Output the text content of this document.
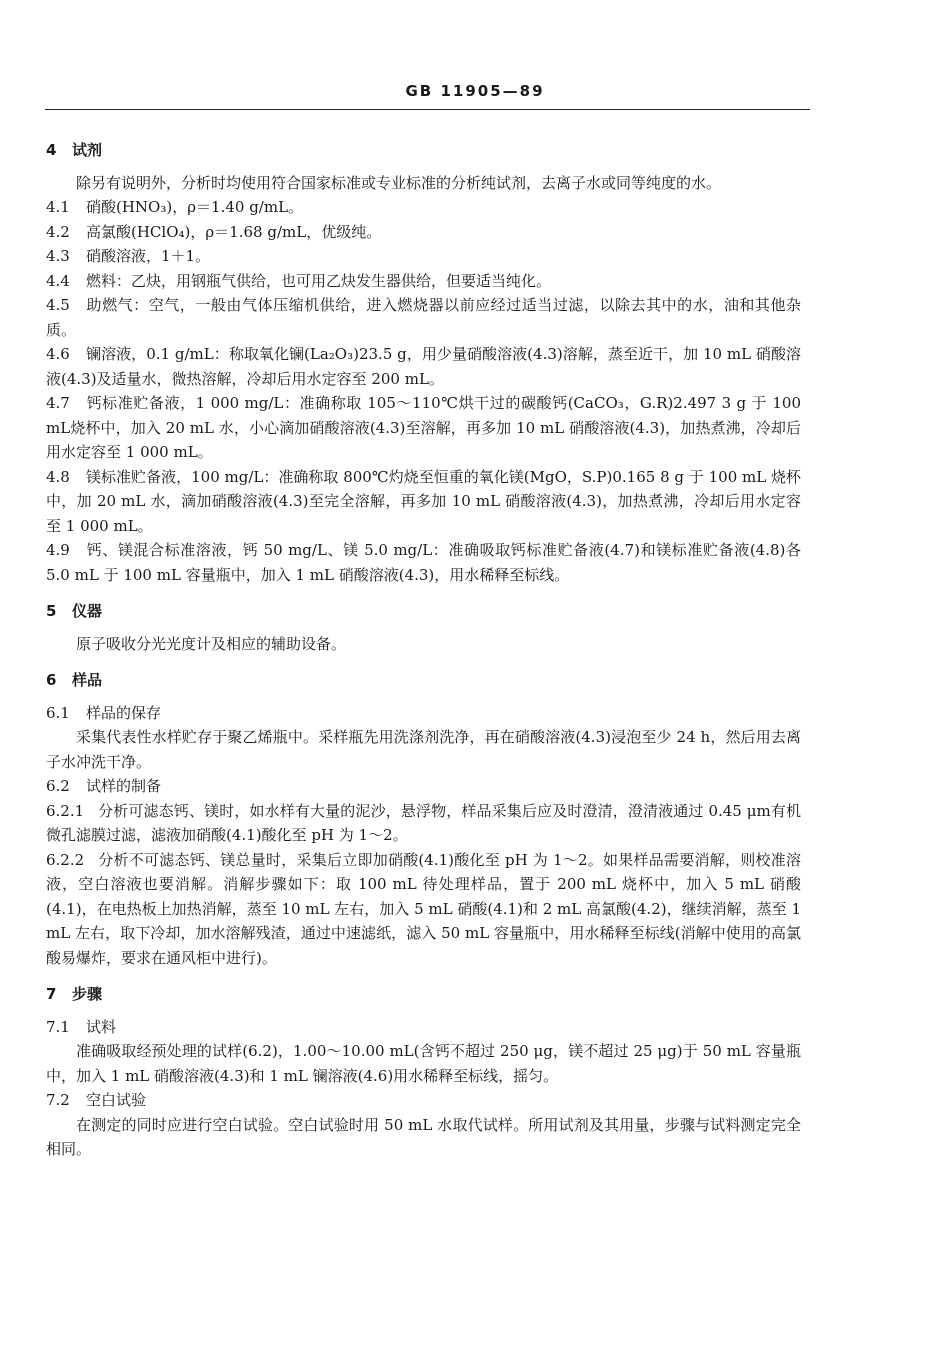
GB 11905—89
4 试剂
除另有说明外，分析时均使用符合国家标准或专业标准的分析纯试剂，去离子水或同等纯度的水。
4.1 硝酸(HNO₃)，ρ＝1.40 g/mL。
4.2 高氯酸(HClO₄)，ρ＝1.68 g/mL，优级纯。
4.3 硝酸溶液，1＋1。
4.4 燃料：乙炔，用钢瓶气供给，也可用乙炔发生器供给，但要适当纯化。
4.5 助燃气：空气，一般由气体压缩机供给，进入燃烧器以前应经过适当过滤，以除去其中的水，油和其他杂质。
4.6 镧溶液，0.1 g/mL：称取氧化镧(La₂O₃)23.5 g，用少量硝酸溶液(4.3)溶解，蒸至近干，加 10 mL 硝酸溶液(4.3)及适量水，微热溶解，冷却后用水定容至 200 mL。
4.7 钙标准贮备液，1 000 mg/L：准确称取 105～110℃烘干过的碳酸钙(CaCO₃，G.R)2.497 3 g 于 100 mL烧杯中，加入 20 mL 水，小心滴加硝酸溶液(4.3)至溶解，再多加 10 mL 硝酸溶液(4.3)，加热煮沸，冷却后用水定容至 1 000 mL。
4.8 镁标准贮备液，100 mg/L：准确称取 800℃灼烧至恒重的氧化镁(MgO，S.P)0.165 8 g 于 100 mL 烧杯中，加 20 mL 水，滴加硝酸溶液(4.3)至完全溶解，再多加 10 mL 硝酸溶液(4.3)，加热煮沸，冷却后用水定容至 1 000 mL。
4.9 钙、镁混合标准溶液，钙 50 mg/L、镁 5.0 mg/L：准确吸取钙标准贮备液(4.7)和镁标准贮备液(4.8)各 5.0 mL 于 100 mL 容量瓶中，加入 1 mL 硝酸溶液(4.3)，用水稀释至标线。
5 仪器
原子吸收分光光度计及相应的辅助设备。
6 样品
6.1 样品的保存
采集代表性水样贮存于聚乙烯瓶中。采样瓶先用洗涤剂洗净，再在硝酸溶液(4.3)浸泡至少 24 h，然后用去离子水冲洗干净。
6.2 试样的制备
6.2.1 分析可滤态钙、镁时，如水样有大量的泥沙，悬浮物，样品采集后应及时澄清，澄清液通过 0.45 μm有机微孔滤膜过滤，滤液加硝酸(4.1)酸化至 pH 为 1～2。
6.2.2 分析不可滤态钙、镁总量时，采集后立即加硝酸(4.1)酸化至 pH 为 1～2。如果样品需要消解，则校准溶液，空白溶液也要消解。消解步骤如下：取 100 mL 待处理样品，置于 200 mL 烧杯中，加入 5 mL 硝酸(4.1)，在电热板上加热消解，蒸至 10 mL 左右，加入 5 mL 硝酸(4.1)和 2 mL 高氯酸(4.2)，继续消解，蒸至 1 mL 左右，取下冷却，加水溶解残渣，通过中速滤纸，滤入 50 mL 容量瓶中，用水稀释至标线(消解中使用的高氯酸易爆炸，要求在通风柜中进行)。
7 步骤
7.1 试料
准确吸取经预处理的试样(6.2)，1.00～10.00 mL(含钙不超过 250 μg，镁不超过 25 μg)于 50 mL 容量瓶中，加入 1 mL 硝酸溶液(4.3)和 1 mL 镧溶液(4.6)用水稀释至标线，摇匀。
7.2 空白试验
在测定的同时应进行空白试验。空白试验时用 50 mL 水取代试样。所用试剂及其用量，步骤与试料测定完全相同。
